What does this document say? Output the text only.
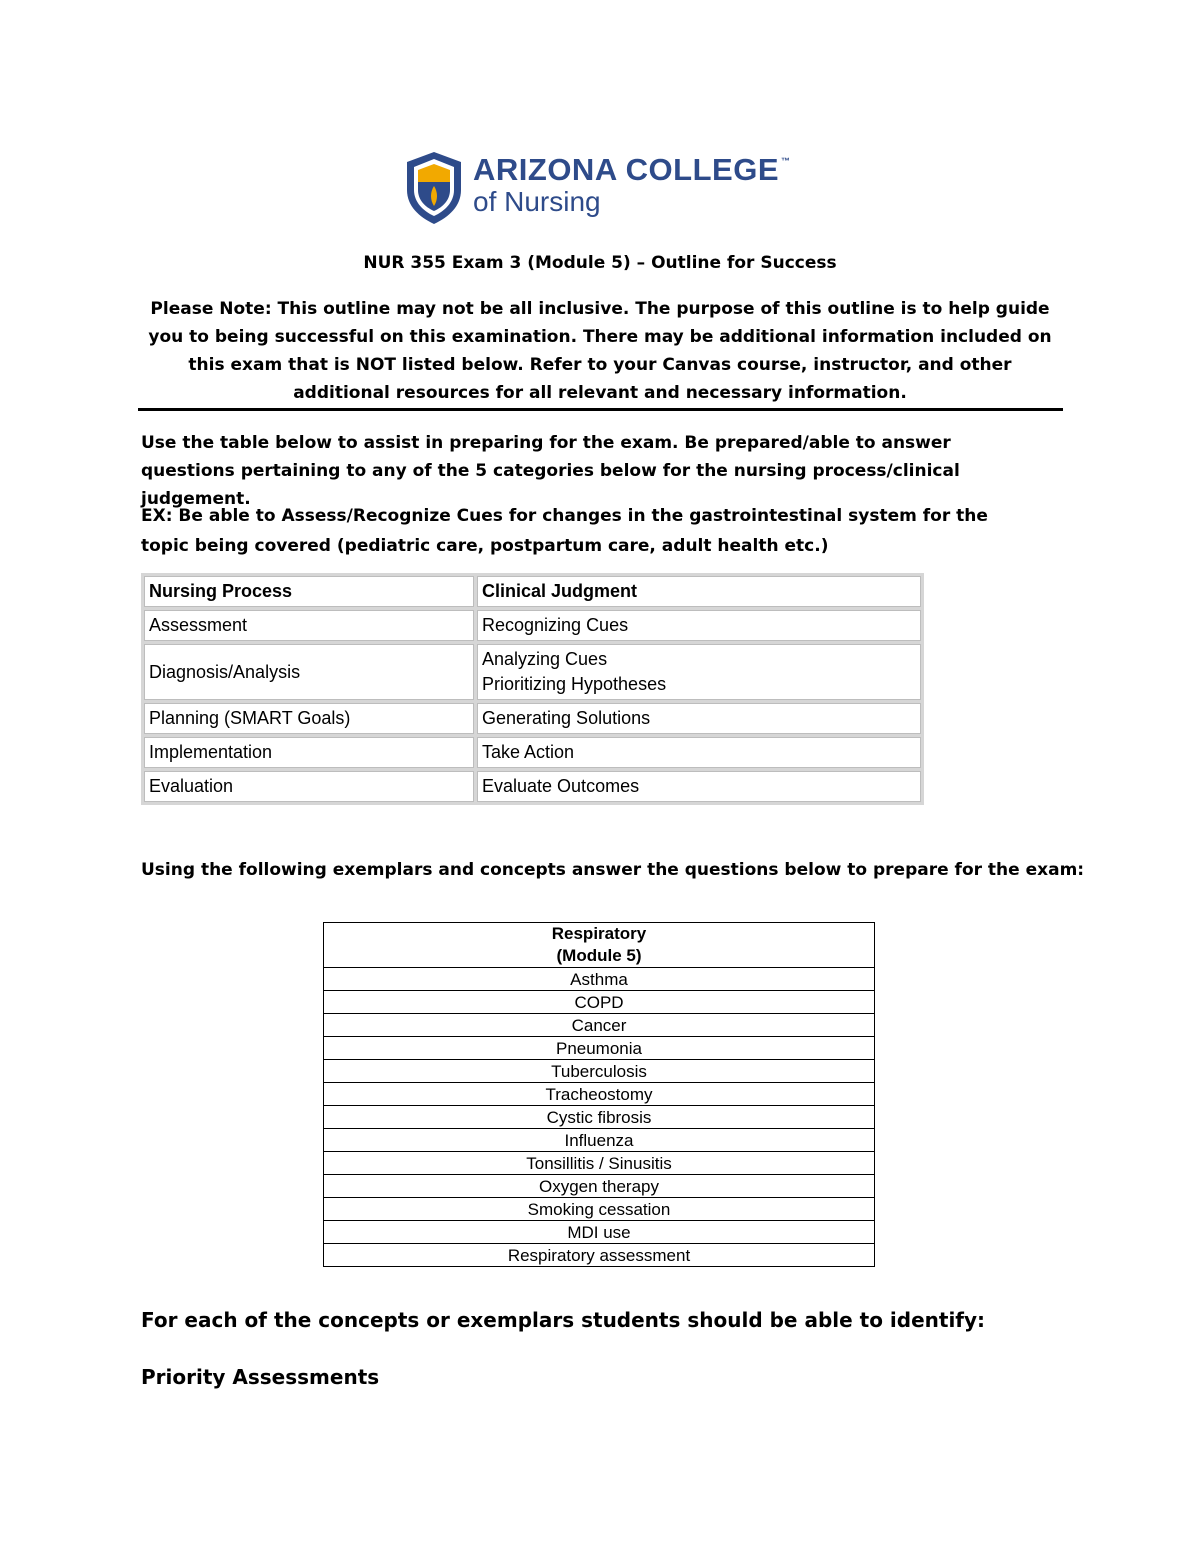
ARIZONA COLLEGE ™
of Nursing
NUR 355 Exam 3 (Module 5) – Outline for Success
Please Note: This outline may not be all inclusive. The purpose of this outline is to help guide you to being successful on this examination. There may be additional information included on this exam that is NOT listed below. Refer to your Canvas course, instructor, and other additional resources for all relevant and necessary information.

Use the table below to assist in preparing for the exam. Be prepared/able to answer questions pertaining to any of the 5 categories below for the nursing process/clinical judgement.

EX: Be able to Assess/Recognize Cues for changes in the gastrointestinal system for the topic being covered (pediatric care, postpartum care, adult health etc.)

Nursing Process	Clinical Judgment
Assessment	Recognizing Cues
Diagnosis/Analysis	Analyzing Cues
Prioritizing Hypotheses

Planning (SMART Goals)	Generating Solutions
Implementation	Take Action
Evaluation	Evaluate Outcomes
Using the following exemplars and concepts answer the questions below to prepare for the exam:
Respiratory
(Module 5)

Asthma
COPD
Cancer
Pneumonia
Tuberculosis
Tracheostomy
Cystic fibrosis
Influenza
Tonsillitis / Sinusitis
Oxygen therapy
Smoking cessation
MDI use
Respiratory assessment
For each of the concepts or exemplars students should be able to identify:
Priority Assessments
